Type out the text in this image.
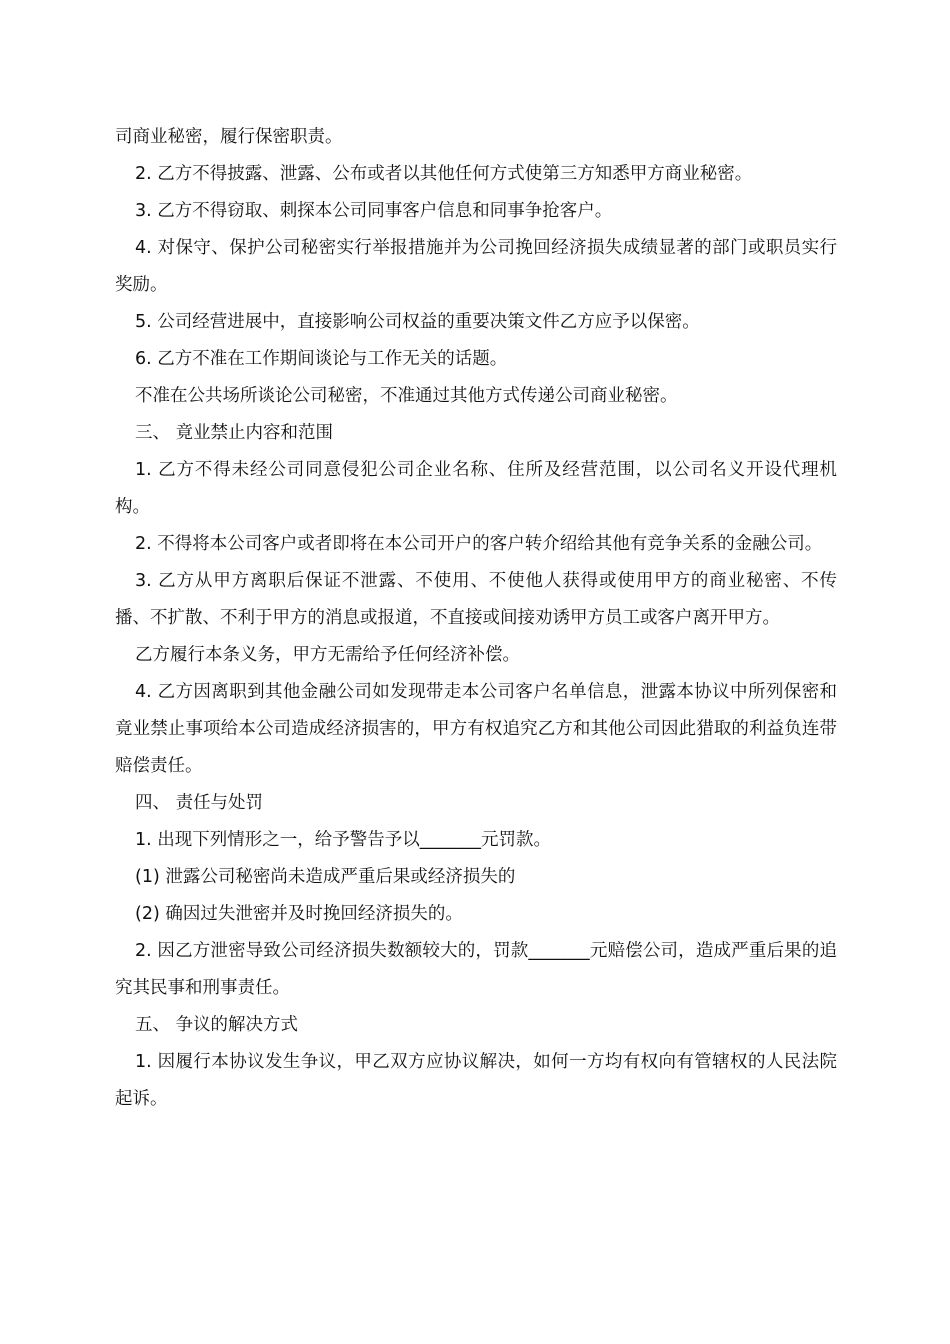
司商业秘密，履行保密职责。

2. 乙方不得披露、泄露、公布或者以其他任何方式使第三方知悉甲方商业秘密。

3. 乙方不得窃取、刺探本公司同事客户信息和同事争抢客户。

4. 对保守、保护公司秘密实行举报措施并为公司挽回经济损失成绩显著的部门或职员实行奖励。

5. 公司经营进展中，直接影响公司权益的重要决策文件乙方应予以保密。

6. 乙方不准在工作期间谈论与工作无关的话题。

不准在公共场所谈论公司秘密，不准通过其他方式传递公司商业秘密。

三、 竟业禁止内容和范围

1. 乙方不得未经公司同意侵犯公司企业名称、住所及经营范围，以公司名义开设代理机构。

2. 不得将本公司客户或者即将在本公司开户的客户转介绍给其他有竞争关系的金融公司。

3. 乙方从甲方离职后保证不泄露、不使用、不使他人获得或使用甲方的商业秘密、不传播、不扩散、不利于甲方的消息或报道，不直接或间接劝诱甲方员工或客户离开甲方。

乙方履行本条义务，甲方无需给予任何经济补偿。

4. 乙方因离职到其他金融公司如发现带走本公司客户名单信息，泄露本协议中所列保密和竟业禁止事项给本公司造成经济损害的，甲方有权追究乙方和其他公司因此猎取的利益负连带赔偿责任。

四、 责任与处罚

1. 出现下列情形之一，给予警告予以_______元罚款。

(1) 泄露公司秘密尚未造成严重后果或经济损失的

(2) 确因过失泄密并及时挽回经济损失的。

2. 因乙方泄密导致公司经济损失数额较大的，罚款_______元赔偿公司，造成严重后果的追究其民事和刑事责任。

五、 争议的解决方式

1. 因履行本协议发生争议，甲乙双方应协议解决，如何一方均有权向有管辖权的人民法院起诉。
